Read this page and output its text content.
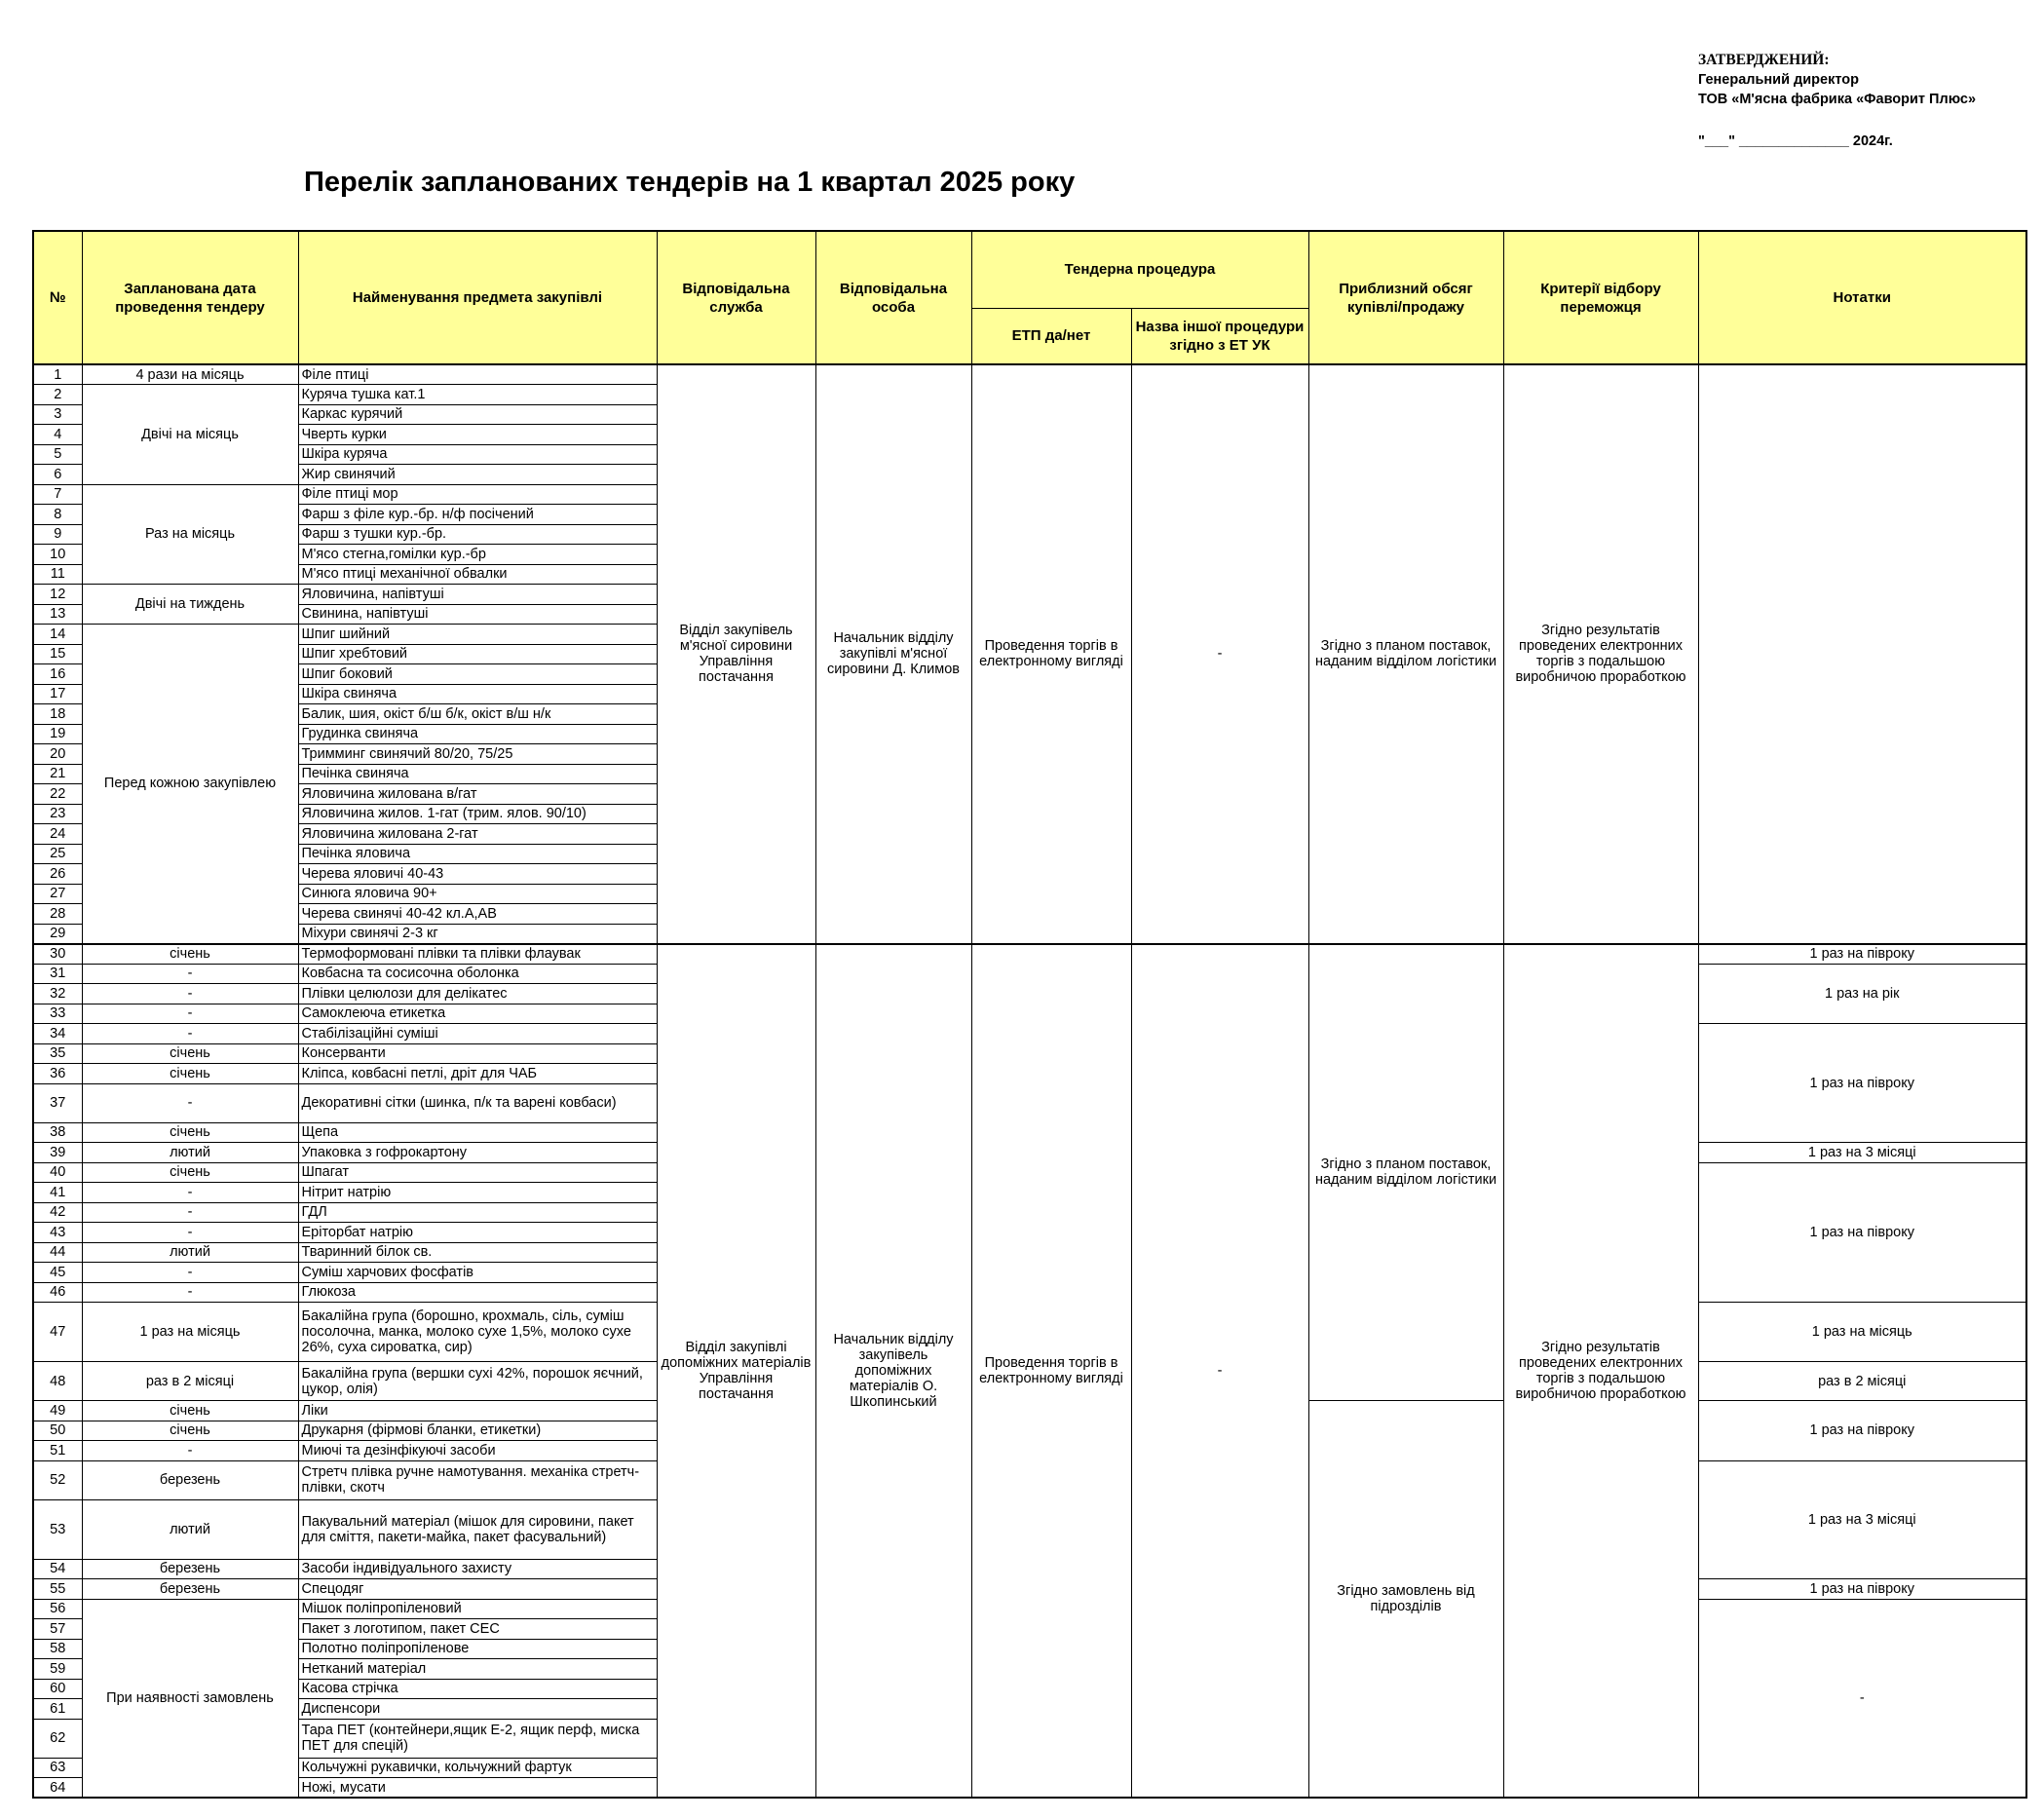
ЗАТВЕРДЖЕНИЙ:
Генеральний директор
ТОВ «М'ясна фабрика «Фаворит Плюс»
"___" ______________ 2024г.
Перелік запланованих тендерів на 1 квартал 2025 року
№	Запланована дата проведення тендеру	Найменування предмета закупівлі	Відповідальна служба	Відповідальна особа	Тендерна процедура		Приблизний обсяг купівлі/продажу	Критерії відбору переможця	Нотатки
					ЕТП да/нет	Назва іншої процедури згідно з ЕТ УК			
1	4 рази на місяць	Філе птиці	Відділ закупівель м'ясної сировини Управління постачання	Начальник відділу закупівлі м'ясної сировини Д. Климов	Проведення торгів в електронному вигляді	-	Згідно з планом поставок, наданим відділом логістики	Згідно результатів проведених електронних торгів з подальшою виробничою проработкою	
2	Двічі на місяць	Куряча тушка кат.1							
3		Каркас курячий							
4		Чверть курки							
5		Шкіра куряча							
6		Жир свинячий							
7	Раз на місяць	Філе птиці мор							
8		Фарш з філе кур.-бр. н/ф посічений							
9		Фарш з тушки кур.-бр.							
10		М'ясо стегна,гомілки кур.-бр							
11		М'ясо птиці механічної обвалки							
12	Двічі на тиждень	Яловичина, напівтуші							
13		Свинина, напівтуші							
14	Перед кожною закупівлею	Шпиг шийний							
15		Шпиг хребтовий							
16		Шпиг боковий							
17		Шкіра свиняча							
18		Балик, шия, окіст б/ш б/к, окіст в/ш н/к							
19		Грудинка свиняча							
20		Тримминг свинячий 80/20, 75/25							
21		Печінка свиняча							
22		Яловичина жилована в/гат							
23		Яловичина жилов. 1-гат (трим. ялов. 90/10)							
24		Яловичина жилована 2-гат							
25		Печінка яловича							
26		Черева яловичі 40-43							
27		Синюга яловича 90+							
28		Черева свинячі 40-42 кл.А,АВ							
29		Міхури свинячі 2-3 кг							
30	січень	Термоформовані плівки та плівки флаувак	Відділ закупівлі допоміжних матеріалів Управління постачання	Начальник відділу закупівель допоміжних матеріалів О. Шкопинський	Проведення торгів в електронному вигляді	-	Згідно з планом поставок, наданим відділом логістики	Згідно результатів проведених електронних торгів з подальшою виробничою проработкою	1 раз на півроку
31	-	Ковбасна та сосисочна оболонка							1 раз на рік
32	-	Плівки целюлози для делікатес							
33	-	Самоклеюча етикетка							
34	-	Стабілізаційні суміші							1 раз на півроку
35	січень	Консерванти							
36	січень	Кліпса, ковбасні петлі, дріт для ЧАБ							
37	-	Декоративні сітки (шинка, п/к та варені ковбаси)							
38	січень	Щепа							
39	лютий	Упаковка з гофрокартону							1 раз на 3 місяці
40	січень	Шпагат							1 раз на півроку
41	-	Нітрит натрію							
42	-	ГДЛ							
43	-	Еріторбат натрію							
44	лютий	Тваринний білок св.							
45	-	Суміш харчових фосфатів							
46	-	Глюкоза							
47	1 раз на місяць	Бакалійна група (борошно, крохмаль, сіль, суміш посолочна, манка, молоко сухе 1,5%, молоко сухе 26%, суха сироватка, сир)							1 раз на місяць
48	раз в 2 місяці	Бакалійна група (вершки сухі 42%, порошок яєчний, цукор, олія)							раз в 2 місяці
49	січень	Ліки					Згідно замовлень від підрозділів		1 раз на півроку
50	січень	Друкарня (фірмові бланки, етикетки)							
51	-	Миючі та дезінфікуючі засоби							
52	березень	Стретч плівка ручне намотування. механіка стретч-плівки, скотч							1 раз на 3 місяці
53	лютий	Пакувальний матеріал (мішок для сировини, пакет для сміття, пакети-майка, пакет фасувальний)							
54	березень	Засоби індивідуального захисту							
55	березень	Спецодяг							1 раз на півроку
56	При наявності замовлень	Мішок поліпропіленовий							-
57		Пакет з логотипом, пакет СЕС							
58		Полотно поліпропіленове							
59		Нетканий матеріал							
60		Касова стрічка							
61		Диспенсори							
62		Тара ПЕТ (контейнери,ящик Е-2, ящик перф, миска ПЕТ для спецій)							
63		Кольчужні рукавички, кольчужний фартук							
64		Ножі, мусати							
